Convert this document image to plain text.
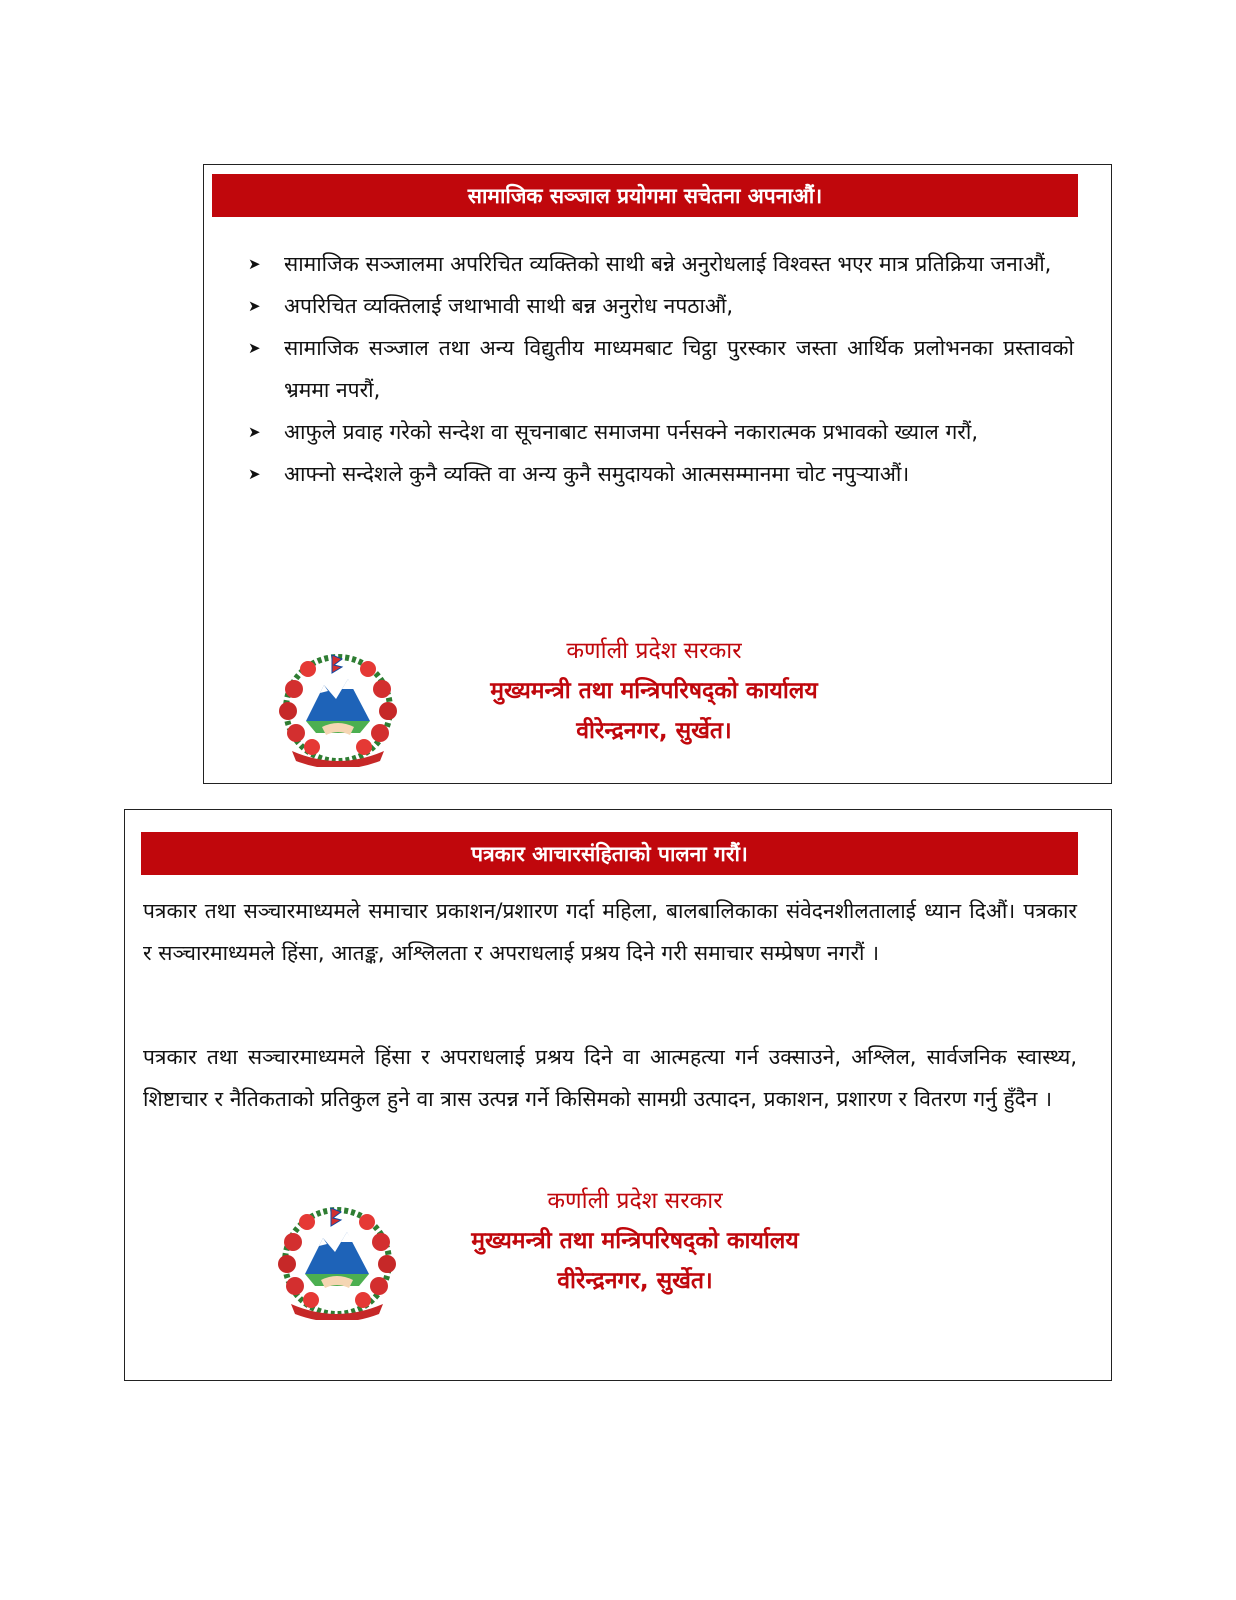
सामाजिक सञ्जाल प्रयोगमा सचेतना अपनाऔं।
➤ सामाजिक सञ्जालमा अपरिचित व्यक्तिको साथी बन्ने अनुरोधलाई विश्वस्त भएर मात्र प्रतिक्रिया जनाऔं,
➤ अपरिचित व्यक्तिलाई जथाभावी साथी बन्न अनुरोध नपठाऔं,
➤ सामाजिक सञ्जाल तथा अन्य विद्युतीय माध्यमबाट चिट्ठा पुरस्कार जस्ता आर्थिक प्रलोभनका प्रस्तावको भ्रममा नपरौं,
➤ आफुले प्रवाह गरेको सन्देश वा सूचनाबाट समाजमा पर्नसक्ने नकारात्मक प्रभावको ख्याल गरौं,
➤ आफ्नो सन्देशले कुनै व्यक्ति वा अन्य कुनै समुदायको आत्मसम्मानमा चोट नपुऱ्याऔं।
कर्णाली प्रदेश सरकार
मुख्यमन्त्री तथा मन्त्रिपरिषद्को कार्यालय
वीरेन्द्रनगर, सुर्खेत।
पत्रकार आचारसंहिताको पालना गरौं।

पत्रकार तथा सञ्चारमाध्यमले समाचार प्रकाशन/प्रशारण गर्दा महिला, बालबालिकाका संवेदनशीलतालाई ध्यान दिऔं। पत्रकार र सञ्चारमाध्यमले हिंसा, आतङ्क, अश्लिलता र अपराधलाई प्रश्रय दिने गरी समाचार सम्प्रेषण नगरौं ।

पत्रकार तथा सञ्चारमाध्यमले हिंसा र अपराधलाई प्रश्रय दिने वा आत्महत्या गर्न उक्साउने, अश्लिल, सार्वजनिक स्वास्थ्य, शिष्टाचार र नैतिकताको प्रतिकुल हुने वा त्रास उत्पन्न गर्ने किसिमको सामग्री उत्पादन, प्रकाशन, प्रशारण र वितरण गर्नु हुँदैन ।

कर्णाली प्रदेश सरकार
मुख्यमन्त्री तथा मन्त्रिपरिषद्को कार्यालय
वीरेन्द्रनगर, सुर्खेत।
